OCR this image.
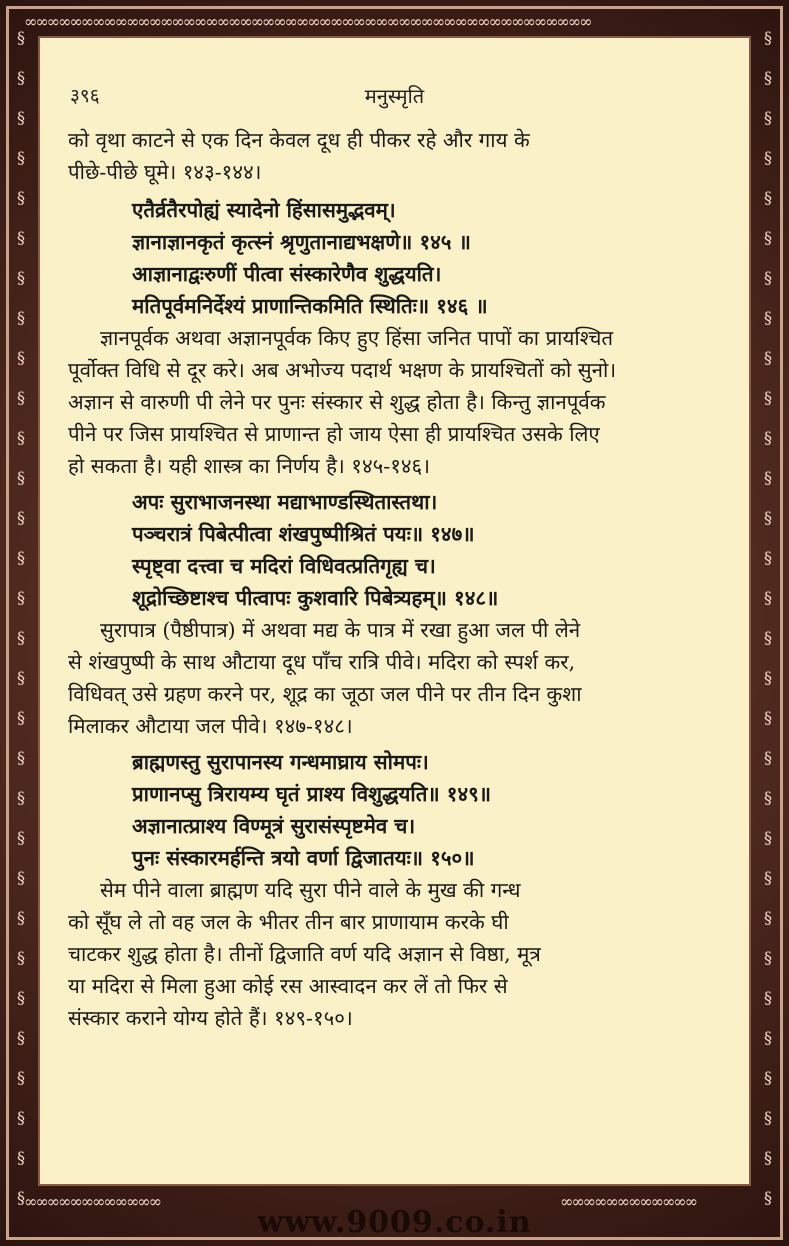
∞∞∞∞∞∞∞∞∞∞∞∞∞∞∞∞∞∞∞∞∞∞∞∞∞∞∞∞∞∞∞∞∞∞∞∞∞∞∞∞∞∞∞∞∞∞∞∞∞∞
∞∞∞∞∞∞∞∞∞∞∞∞	∞∞∞∞∞∞∞∞∞∞∞∞
§
§
§
§
§
§
§
§
§
§
§
§
§
§
§
§
§
§
§
§
§
§
§
§
§
§
§
§
§
§
§
§
§
§
§
§
§
§
§
§
§
§
§
§
§
§
§
§
§
§
§
§
§
§
§
§
§
§
§
§
३९६	मनुस्मृति

को वृथा काटने से एक दिन केवल दूध ही पीकर रहे और गाय के

पीछे-पीछे घूमे। १४३-१४४।

एतैर्व्रतैरपोह्यं स्यादेनो हिंसासमुद्भवम्।

ज्ञानाज्ञानकृतं कृत्स्नं श्रृणुतानाद्यभक्षणे॥ १४५ ॥

आज्ञानाद्वःरुणीं पीत्वा संस्कारेणैव शुद्धयति।

मतिपूर्वमनिर्देश्यं प्राणान्तिकमिति स्थितिः॥ १४६ ॥

ज्ञानपूर्वक अथवा अज्ञानपूर्वक किए हुए हिंसा जनित पापों का प्रायश्चित

पूर्वोक्त विधि से दूर करे। अब अभोज्य पदार्थ भक्षण के प्रायश्चितों को सुनो।

अज्ञान से वारुणी पी लेने पर पुनः संस्कार से शुद्ध होता है। किन्तु ज्ञानपूर्वक

पीने पर जिस प्रायश्चित से प्राणान्त हो जाय ऐसा ही प्रायश्चित उसके लिए

हो सकता है। यही शास्त्र का निर्णय है। १४५-१४६।

अपः सुराभाजनस्था मद्याभाण्डस्थितास्तथा।

पञ्चरात्रं पिबेत्पीत्वा शंखपुष्पीश्रितं पयः॥ १४७॥

स्पृष्ट्वा दत्त्वा च मदिरां विधिवत्प्रतिगृह्य च।

शूद्रोच्छिष्टाश्च पीत्वापः कुशवारि पिबेत्र्यहम्॥ १४८॥

सुरापात्र (पैष्ठीपात्र) में अथवा मद्य के पात्र में रखा हुआ जल पी लेने

से शंखपुष्पी के साथ औटाया दूध पाँच रात्रि पीवे। मदिरा को स्पर्श कर,

विधिवत् उसे ग्रहण करने पर, शूद्र का जूठा जल पीने पर तीन दिन कुशा

मिलाकर औटाया जल पीवे। १४७-१४८।

ब्राह्मणस्तु सुरापानस्य गन्धमाघ्राय सोमपः।

प्राणानप्सु त्रिरायम्य घृतं प्राश्य विशुद्धयति॥ १४९॥

अज्ञानात्प्राश्य विण्मूत्रं सुरासंस्पृष्टमेव च।

पुनः संस्कारमर्हन्ति त्रयो वर्णा द्विजातयः॥ १५०॥

सेम पीने वाला ब्राह्मण यदि सुरा पीने वाले के मुख की गन्ध

को सूँघ ले तो वह जल के भीतर तीन बार प्राणायाम करके घी

चाटकर शुद्ध होता है। तीनों द्विजाति वर्ण यदि अज्ञान से विष्ठा, मूत्र

या मदिरा से मिला हुआ कोई रस आस्वादन कर लें तो फिर से

संस्कार कराने योग्य होते हैं। १४९-१५०।

www.9009.co.in
